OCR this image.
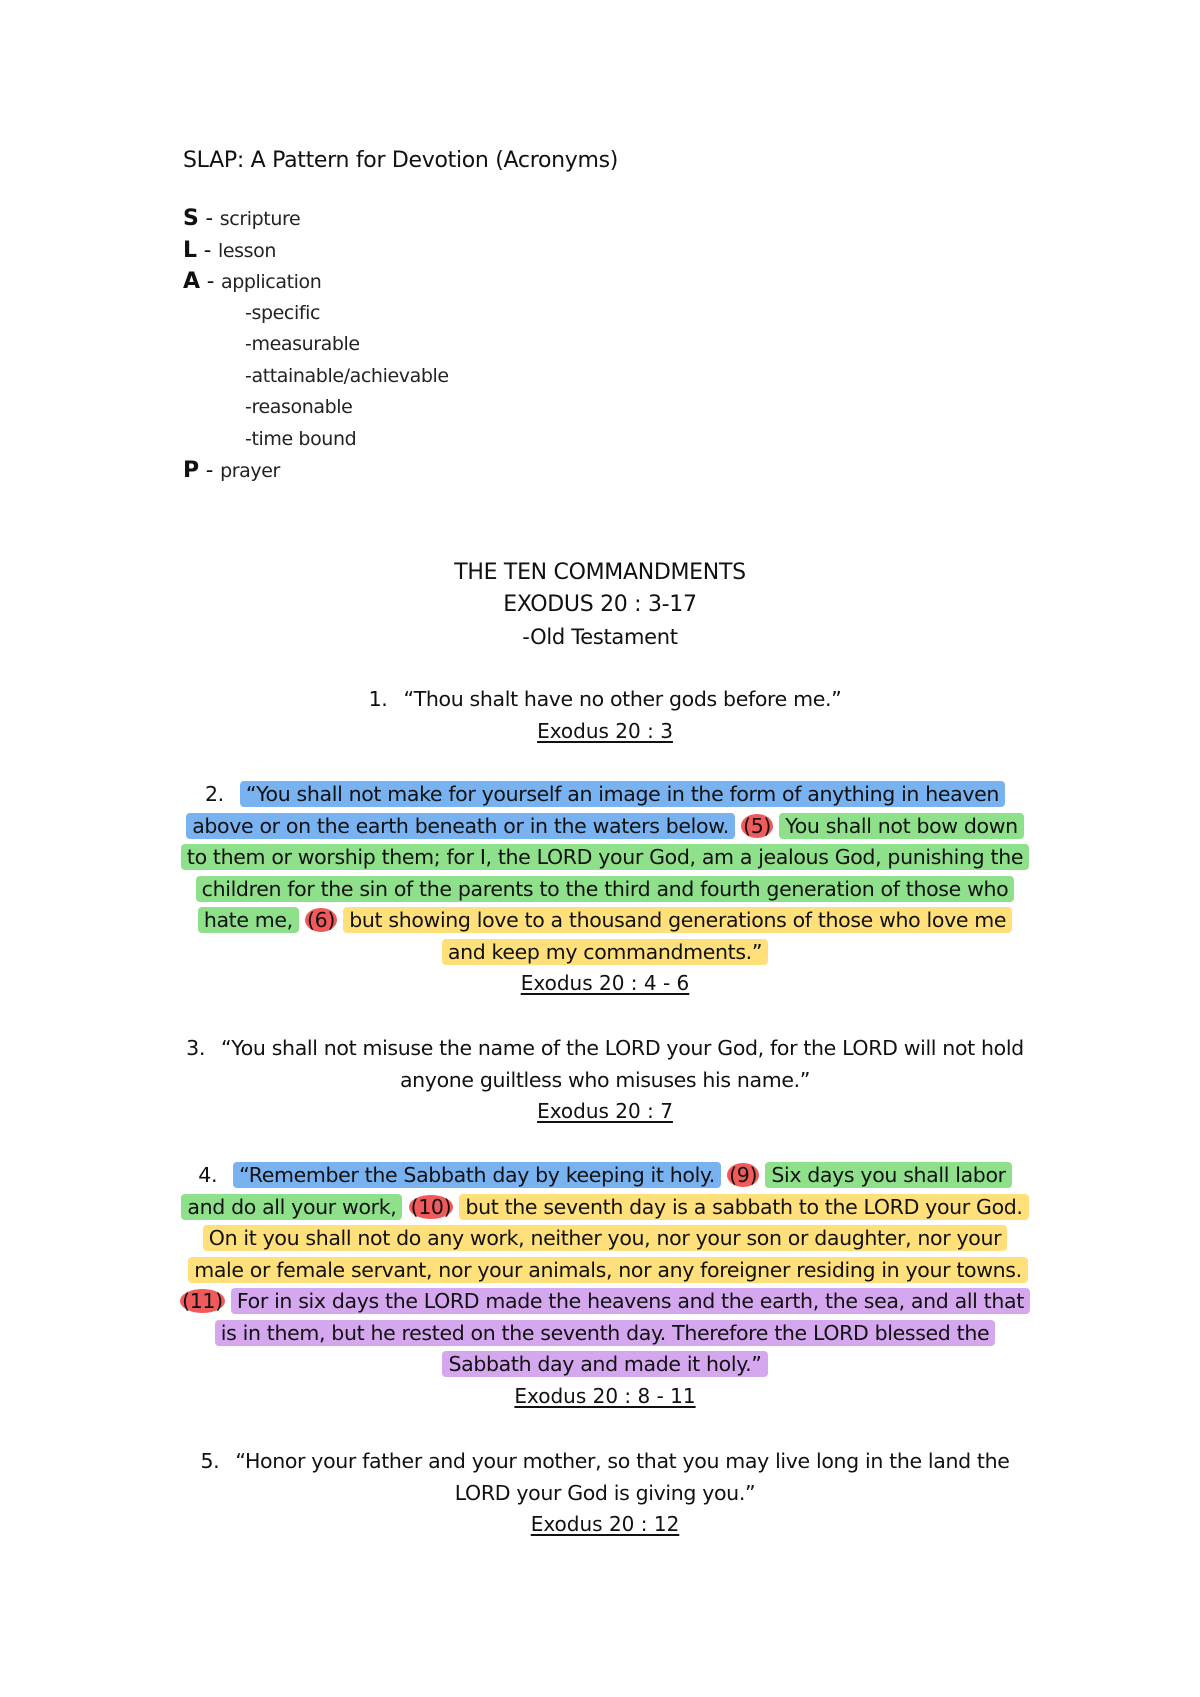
SLAP: A Pattern for Devotion (Acronyms)
S - scripture
L - lesson
A - application
-specific
-measurable
-attainable/achievable
-reasonable
-time bound
P - prayer
THE TEN COMMANDMENTS
EXODUS 20 : 3-17
-Old Testament

1. “Thou shalt have no other gods before me.”

Exodus 20 : 3

2. “You shall not make for yourself an image in the form of anything in heaven above or on the earth beneath or in the waters below. (5) You shall not bow down to them or worship them; for I, the LORD your God, am a jealous God, punishing the children for the sin of the parents to the third and fourth generation of those who hate me, (6) but showing love to a thousand generations of those who love me and keep my commandments.”

Exodus 20 : 4 - 6

3. “You shall not misuse the name of the LORD your God, for the LORD will not hold anyone guiltless who misuses his name.”

Exodus 20 : 7

4. “Remember the Sabbath day by keeping it holy. (9) Six days you shall labor and do all your work, (10) but the seventh day is a sabbath to the LORD your God. On it you shall not do any work, neither you, nor your son or daughter, nor your male or female servant, nor your animals, nor any foreigner residing in your towns. (11) For in six days the LORD made the heavens and the earth, the sea, and all that is in them, but he rested on the seventh day. Therefore the LORD blessed the Sabbath day and made it holy.”

Exodus 20 : 8 - 11

5. “Honor your father and your mother, so that you may live long in the land the LORD your God is giving you.”

Exodus 20 : 12
